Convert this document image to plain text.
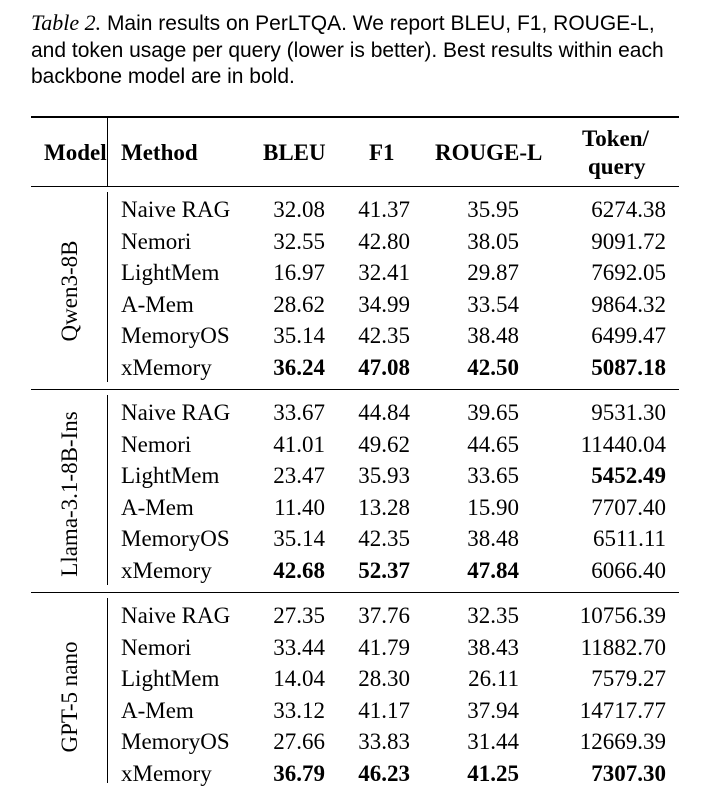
Table 2. Main results on PerLTQA. We report BLEU, F1, ROUGE-L, and token usage per query (lower is better). Best results within each backbone model are in bold.
Model Method	BLEU F1 ROUGE-L
Token/
query
Qwen3-8B
Naive RAG 32.08 41.37 35.95	6274.38
Nemori	32.55 42.80 38.05	9091.72
LightMem 16.97 32.41 29.87	7692.05
A-Mem	28.62 34.99 33.54	9864.32
MemoryOS 35.14 42.35 38.48	6499.47
xMemory	36.24 47.08 42.50	5087.18
Llama-3.1-8B-Ins Naive RAG 33.67 44.84 39.65	9531.30
Nemori	41.01 49.62 44.65	11440.04
LightMem 23.47 35.93 33.65	5452.49
A-Mem	11.40 13.28 15.90	7707.40
MemoryOS 35.14 42.35 38.48	6511.11
xMemory	42.68 52.37 47.84	6066.40
GPT-5 nano
Naive RAG 27.35 37.76 32.35	10756.39
Nemori	33.44 41.79 38.43	11882.70
LightMem 14.04 28.30	26.11	7579.27
A-Mem	33.12 41.17 37.94	14717.77
MemoryOS 27.66 33.83 31.44	12669.39
xMemory	36.79 46.23 41.25	7307.30
